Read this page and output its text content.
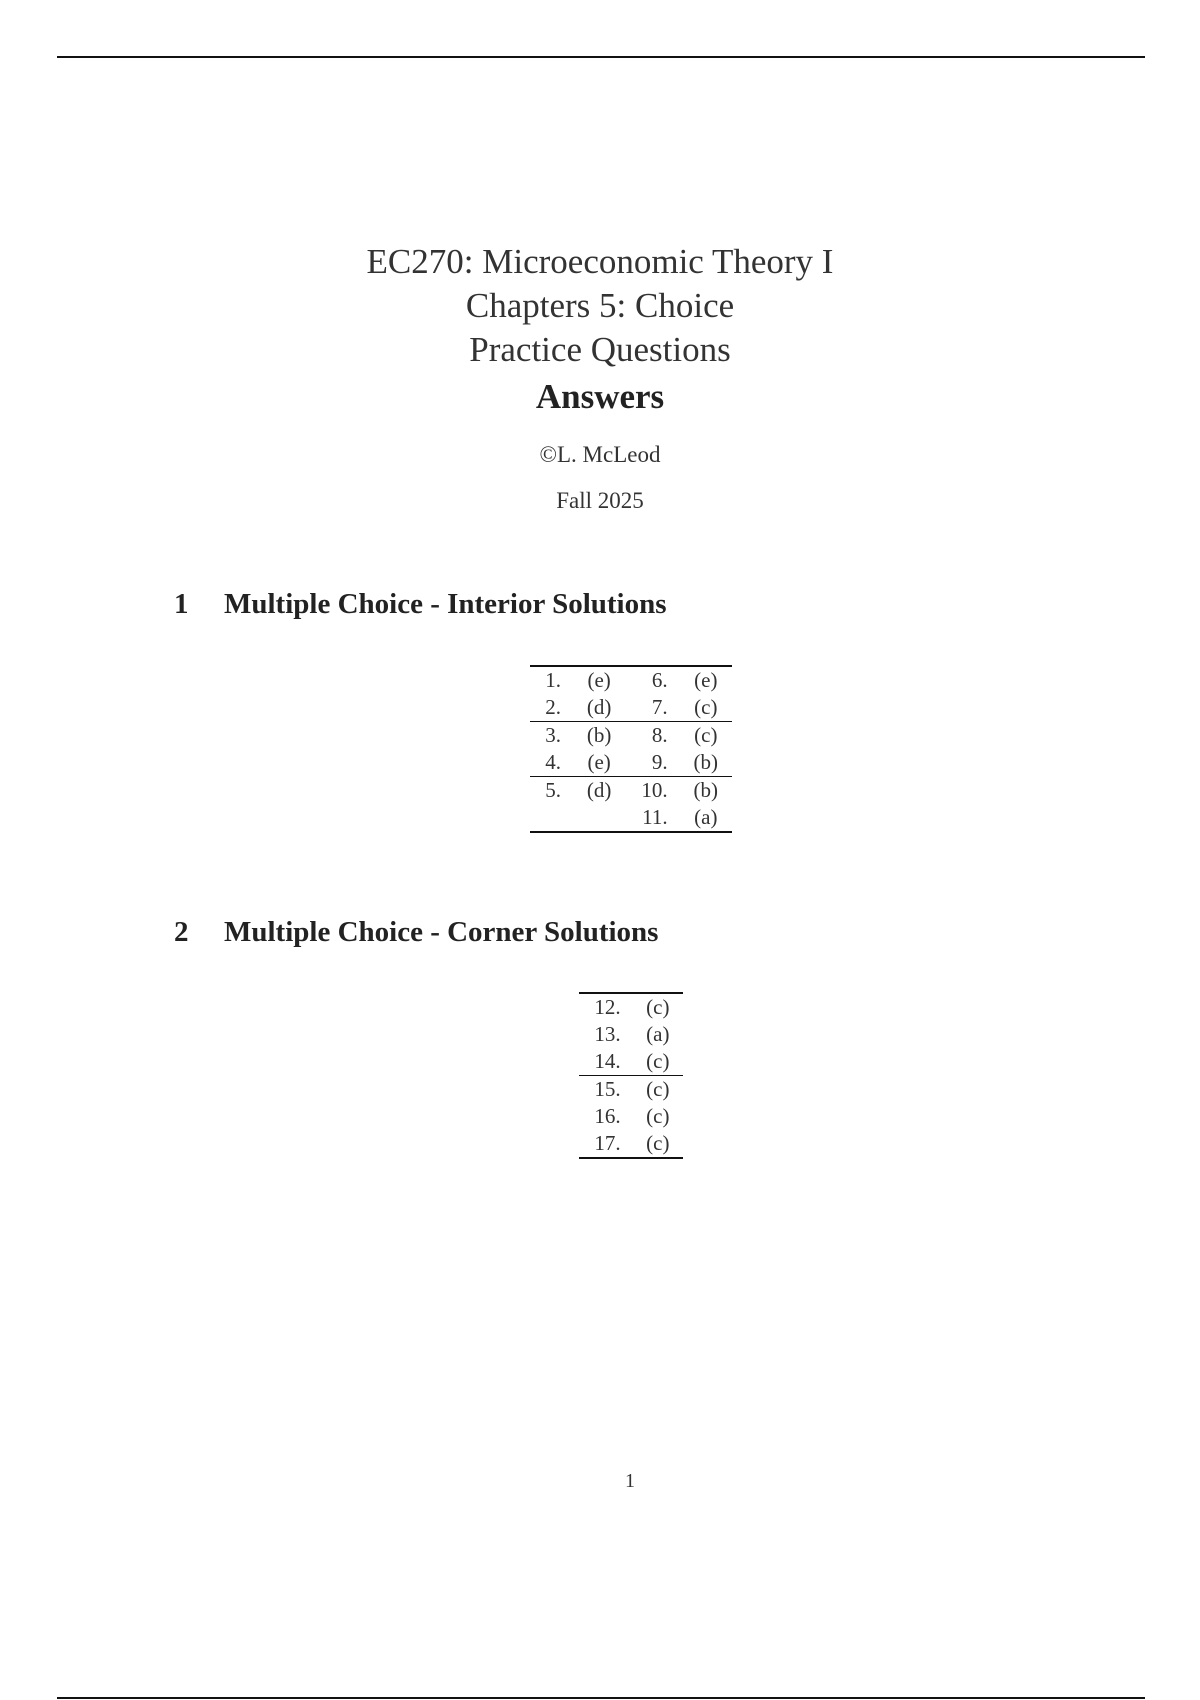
EC270: Microeconomic Theory I
Chapters 5: Choice
Practice Questions
Answers
©L. McLeod
Fall 2025
1 Multiple Choice - Interior Solutions
1.	(e)	6.	(e)
2.	(d)	7.	(c)
3.	(b)	8.	(c)
4.	(e)	9.	(b)
5.	(d)	10.	(b)
		11.	(a)
2 Multiple Choice - Corner Solutions
12.	(c)
13.	(a)
14.	(c)
15.	(c)
16.	(c)
17.	(c)
1
